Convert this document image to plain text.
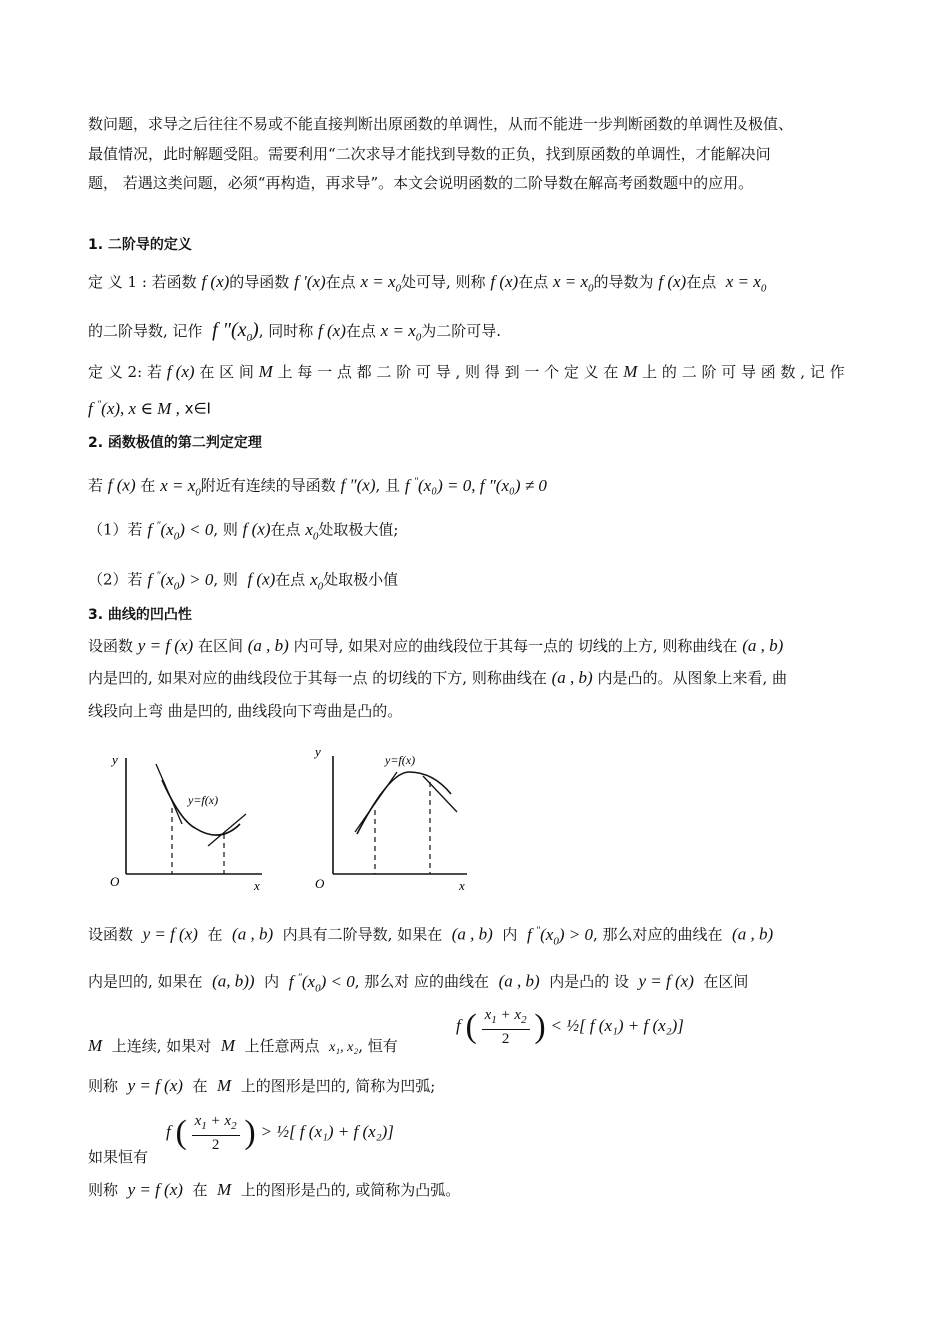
数问题，求导之后往往不易或不能直接判断出原函数的单调性，从而不能进一步判断函数的单调性及极值、
最值情况，此时解题受阻。需要利用“二次求导才能找到导数的正负，找到原函数的单调性，才能解决问
题， 若遇这类问题，必须“再构造，再求导”。本文会说明函数的二阶导数在解高考函数题中的应用。
1. 二阶导的定义
定 义 1 : 若函数 f (x)的导函数 f ′(x)在点 $x = x_0$处可导, 则称 f (x)在点 $x = x_0$的导数为 f (x)在点 $x = x_0$
的二阶导数, 记作 f $''(x_0)$, 同时称 f (x)在点 $x = x_0$为二阶可导.
定 义 2: 若 f (x) 在 区 间 M 上 每 一 点 都 二 阶 可 导 , 则 得 到 一 个 定 义 在 M 上 的 二 阶 可 导 函 数 , 记 作
f ″(x), x ∈ M , x∈I
2. 函数极值的第二判定定理
若 f (x) 在 $x = x_0$附近有连续的导函数 f ″(x), 且 f ″(x₀) = 0, f ″(x₀) ≠ 0
（1）若 f $''(x_0) < 0$, 则 f (x)在点 $x_0$处取极大值;
（2）若 f $''(x_0) > 0$, 则 f (x)在点 $x_0$处取极小值
3. 曲线的凹凸性
设函数 y = f (x) 在区间 (a , b) 内可导, 如果对应的曲线段位于其每一点的 切线的上方, 则称曲线在 (a , b)
内是凹的, 如果对应的曲线段位于其每一点 的切线的下方, 则称曲线在 (a , b) 内是凸的。从图象上来看, 曲
线段向上弯 曲是凹的, 曲线段向下弯曲是凸的。
y
x
O
y=f(x)
y
x
O
y=f(x)
设函数 y = f (x) 在 (a , b) 内具有二阶导数, 如果在 (a , b) 内 f $''(x_0) > 0$, 那么对应的曲线在 (a , b)
内是凹的, 如果在 (a, b)) 内 f $''(x_0) < 0$, 那么对 应的曲线在 (a , b) 内是凸的 设 y = f (x) 在区间
M 上连续, 如果对 M 上任意两点 x₁, x₂, 恒有
f ( $\frac{x_1 + x_2}{2}$ ) < ½[ f (x₁) + f (x₂)]
则称 y = f (x) 在 M 上的图形是凹的, 简称为凹弧;
f ( $\frac{x_1 + x_2}{2}$ ) > ½[ f (x₁) + f (x₂)]
如果恒有
则称 y = f (x) 在 M 上的图形是凸的, 或简称为凸弧。
